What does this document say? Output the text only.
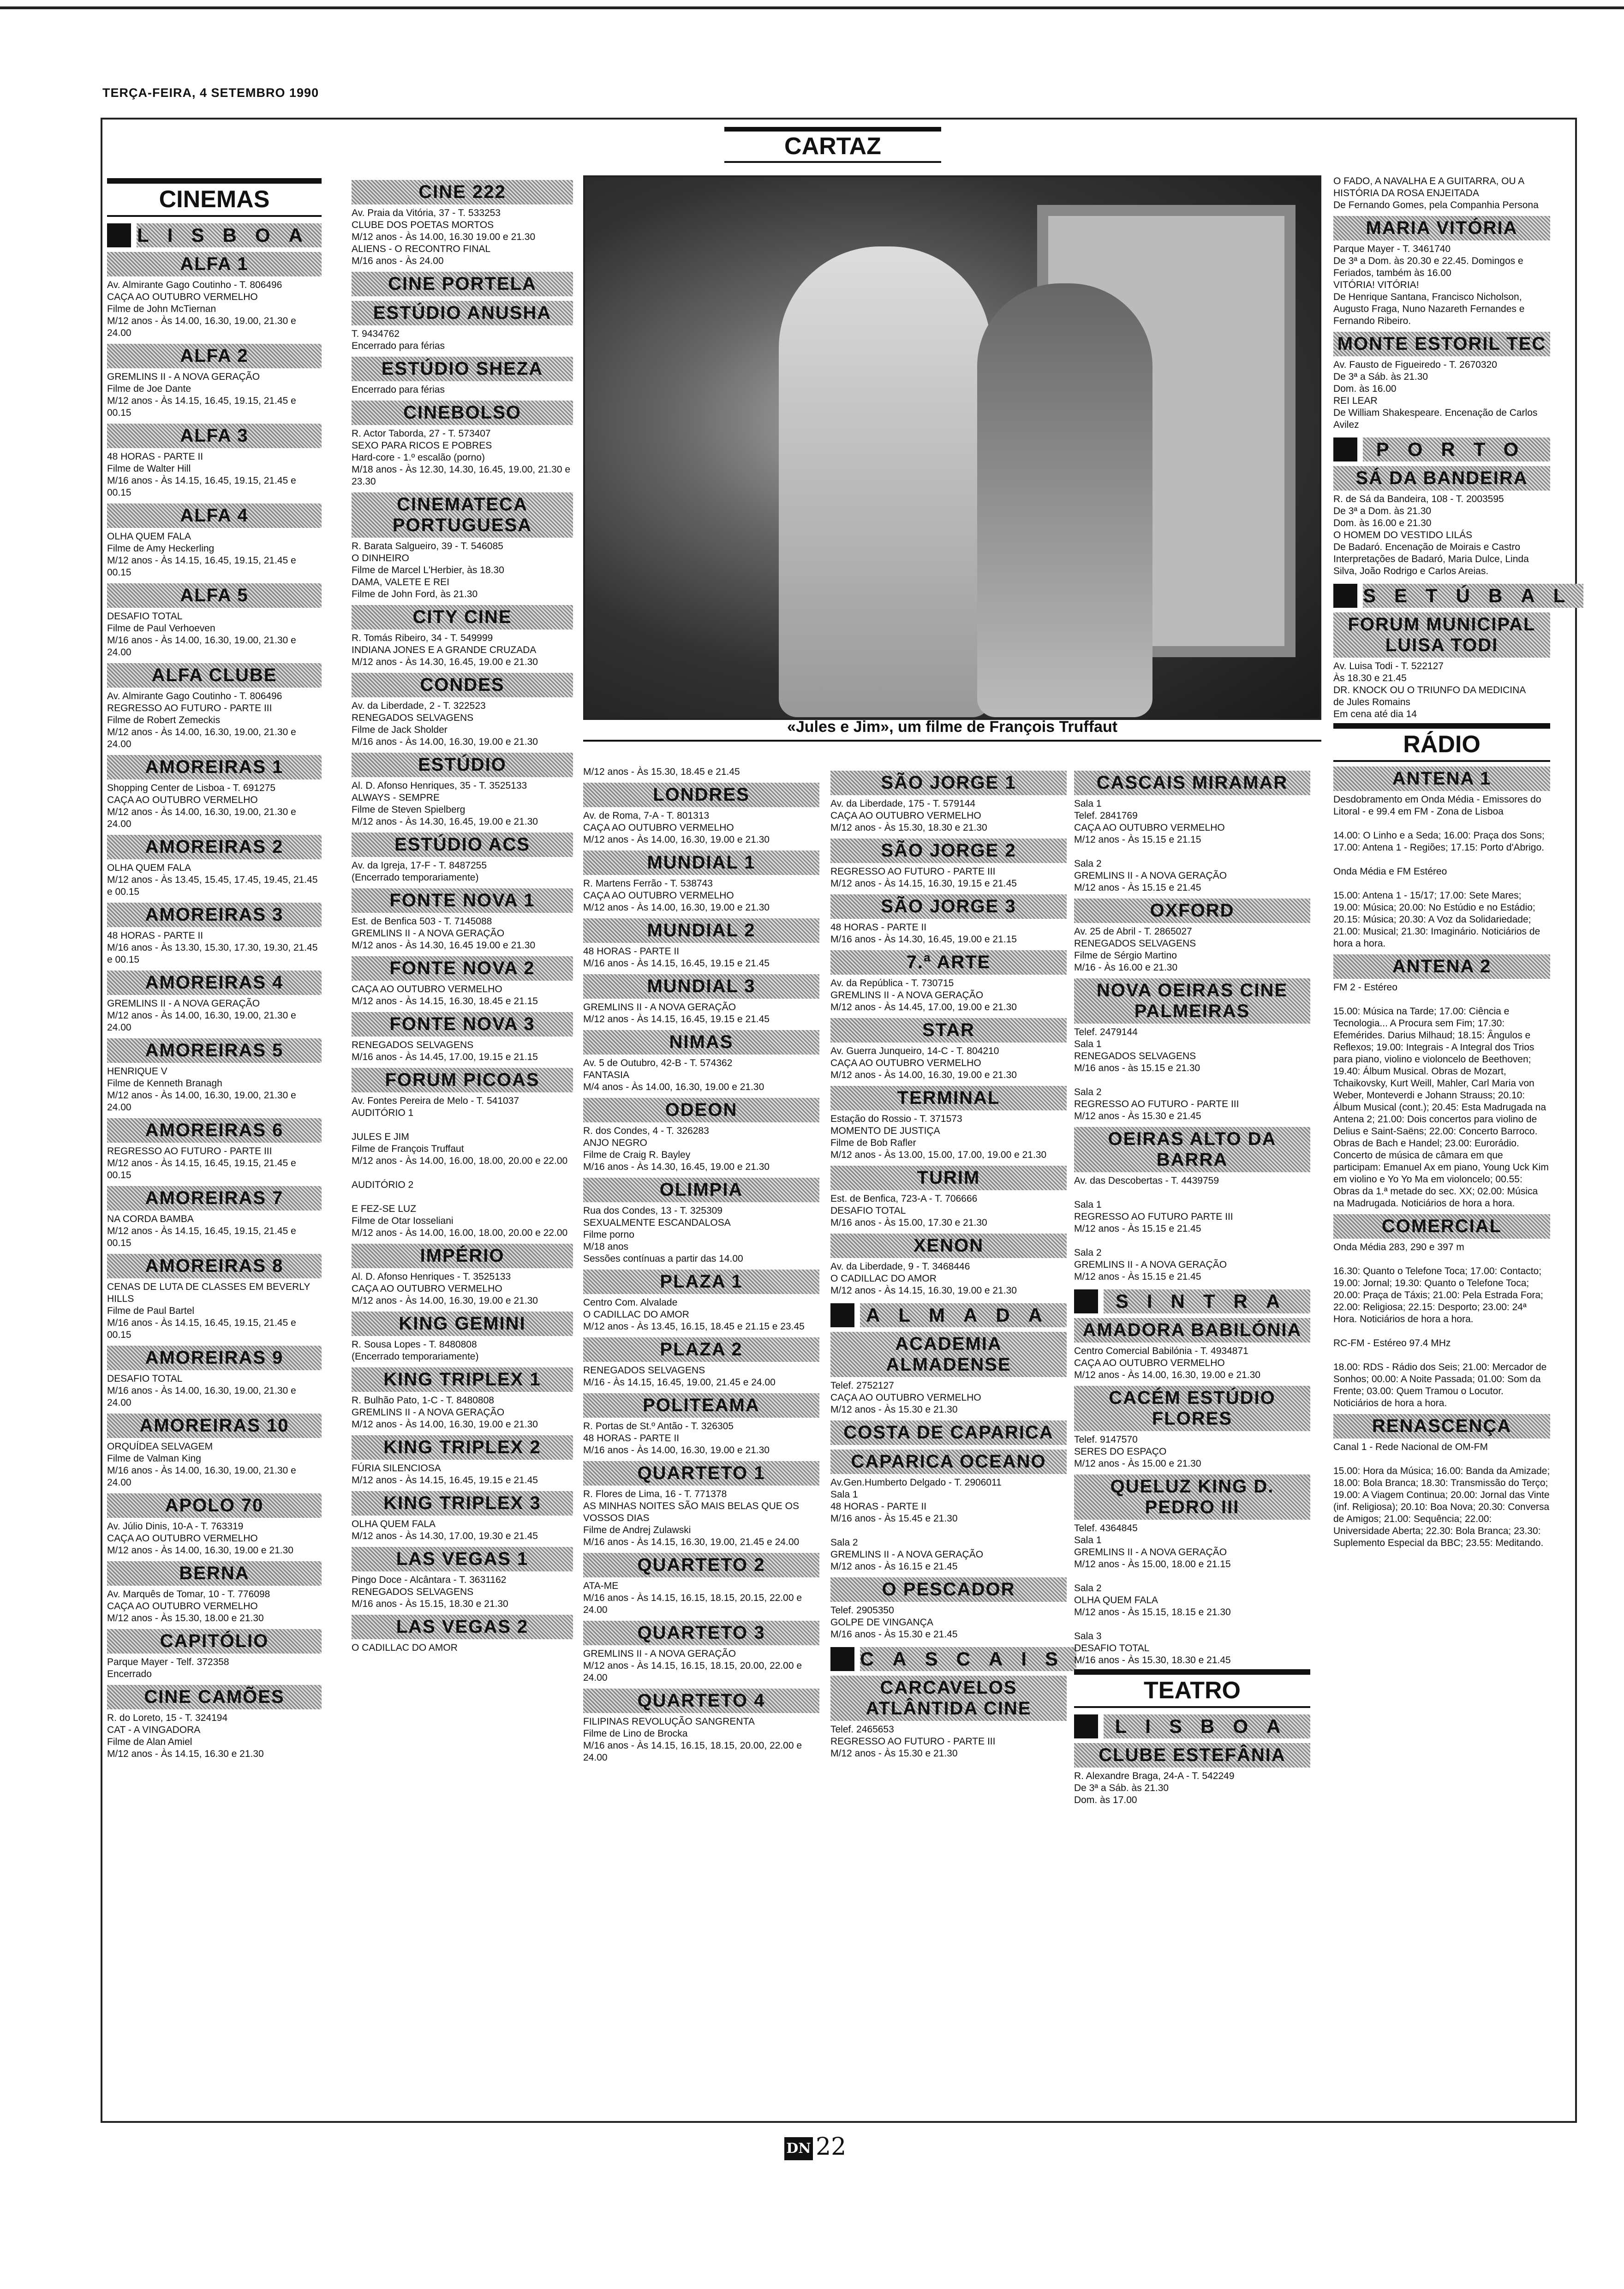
TERÇA-FEIRA, 4 SETEMBRO 1990
CARTAZ
«Jules e Jim», um filme de François Truffaut
CINEMAS
LISBOA
ALFA 1
Av. Almirante Gago Coutinho - T. 806496
CAÇA AO OUTUBRO VERMELHO
Filme de John McTiernan
M/12 anos - Às 14.00, 16.30, 19.00, 21.30 e 24.00
ALFA 2
GREMLINS II - A NOVA GERAÇÃO
Filme de Joe Dante
M/12 anos - Às 14.15, 16.45, 19.15, 21.45 e 00.15
ALFA 3
48 HORAS - PARTE II
Filme de Walter Hill
M/16 anos - Às 14.15, 16.45, 19.15, 21.45 e 00.15
ALFA 4
OLHA QUEM FALA
Filme de Amy Heckerling
M/12 anos - Às 14.15, 16.45, 19.15, 21.45 e 00.15
ALFA 5
DESAFIO TOTAL
Filme de Paul Verhoeven
M/16 anos - Às 14.00, 16.30, 19.00, 21.30 e 24.00
ALFA CLUBE
Av. Almirante Gago Coutinho - T. 806496
REGRESSO AO FUTURO - PARTE III
Filme de Robert Zemeckis
M/12 anos - Às 14.00, 16.30, 19.00, 21.30 e 24.00
AMOREIRAS 1
Shopping Center de Lisboa - T. 691275
CAÇA AO OUTUBRO VERMELHO
M/12 anos - Às 14.00, 16.30, 19.00, 21.30 e 24.00
AMOREIRAS 2
OLHA QUEM FALA
M/12 anos - Às 13.45, 15.45, 17.45, 19.45, 21.45 e 00.15
AMOREIRAS 3
48 HORAS - PARTE II
M/16 anos - Às 13.30, 15.30, 17.30, 19.30, 21.45 e 00.15
AMOREIRAS 4
GREMLINS II - A NOVA GERAÇÃO
M/12 anos - Às 14.00, 16.30, 19.00, 21.30 e 24.00
AMOREIRAS 5
HENRIQUE V
Filme de Kenneth Branagh
M/12 anos - Às 14.00, 16.30, 19.00, 21.30 e 24.00
AMOREIRAS 6
REGRESSO AO FUTURO - PARTE III
M/12 anos - Às 14.15, 16.45, 19.15, 21.45 e 00.15
AMOREIRAS 7
NA CORDA BAMBA
M/12 anos - Às 14.15, 16.45, 19.15, 21.45 e 00.15
AMOREIRAS 8
CENAS DE LUTA DE CLASSES EM BEVERLY HILLS
Filme de Paul Bartel
M/16 anos - Às 14.15, 16.45, 19.15, 21.45 e 00.15
AMOREIRAS 9
DESAFIO TOTAL
M/16 anos - Às 14.00, 16.30, 19.00, 21.30 e 24.00
AMOREIRAS 10
ORQUÍDEA SELVAGEM
Filme de Valman King
M/16 anos - Às 14.00, 16.30, 19.00, 21.30 e 24.00
APOLO 70
Av. Júlio Dinis, 10-A - T. 763319
CAÇA AO OUTUBRO VERMELHO
M/12 anos - Às 14.00, 16.30, 19.00 e 21.30
BERNA
Av. Marquês de Tomar, 10 - T. 776098
CAÇA AO OUTUBRO VERMELHO
M/12 anos - Às 15.30, 18.00 e 21.30
CAPITÓLIO
Parque Mayer - Telf. 372358
Encerrado
CINE CAMÕES
R. do Loreto, 15 - T. 324194
CAT - A VINGADORA
Filme de Alan Amiel
M/12 anos - Às 14.15, 16.30 e 21.30
CINE 222
Av. Praia da Vitória, 37 - T. 533253
CLUBE DOS POETAS MORTOS
M/12 anos - Às 14.00, 16.30 19.00 e 21.30
ALIENS - O RECONTRO FINAL
M/16 anos - Às 24.00
CINE PORTELA
ESTÚDIO ANUSHA
T. 9434762
Encerrado para férias
ESTÚDIO SHEZA
Encerrado para férias
CINEBOLSO
R. Actor Taborda, 27 - T. 573407
SEXO PARA RICOS E POBRES
Hard-core - 1.º escalão (porno)
M/18 anos - Às 12.30, 14.30, 16.45, 19.00, 21.30 e 23.30
CINEMATECA PORTUGUESA
R. Barata Salgueiro, 39 - T. 546085
O DINHEIRO
Filme de Marcel L'Herbier, às 18.30
DAMA, VALETE E REI
Filme de John Ford, às 21.30
CITY CINE
R. Tomás Ribeiro, 34 - T. 549999
INDIANA JONES E A GRANDE CRUZADA
M/12 anos - Às 14.30, 16.45, 19.00 e 21.30
CONDES
Av. da Liberdade, 2 - T. 322523
RENEGADOS SELVAGENS
Filme de Jack Sholder
M/16 anos - Às 14.00, 16.30, 19.00 e 21.30
ESTÚDIO
Al. D. Afonso Henriques, 35 - T. 3525133
ALWAYS - SEMPRE
Filme de Steven Spielberg
M/12 anos - Às 14.30, 16.45, 19.00 e 21.30
ESTÚDIO ACS
Av. da Igreja, 17-F - T. 8487255
(Encerrado temporariamente)
FONTE NOVA 1
Est. de Benfica 503 - T. 7145088
GREMLINS II - A NOVA GERAÇÃO
M/12 anos - Às 14.30, 16.45 19.00 e 21.30
FONTE NOVA 2
CAÇA AO OUTUBRO VERMELHO
M/12 anos - Às 14.15, 16.30, 18.45 e 21.15
FONTE NOVA 3
RENEGADOS SELVAGENS
M/16 anos - Às 14.45, 17.00, 19.15 e 21.15
FORUM PICOAS
Av. Fontes Pereira de Melo - T. 541037
AUDITÓRIO 1

JULES E JIM
Filme de François Truffaut
M/12 anos - Às 14.00, 16.00, 18.00, 20.00 e 22.00

AUDITÓRIO 2

E FEZ-SE LUZ
Filme de Otar Iosseliani
M/12 anos - Às 14.00, 16.00, 18.00, 20.00 e 22.00
IMPÉRIO
Al. D. Afonso Henriques - T. 3525133
CAÇA AO OUTUBRO VERMELHO
M/12 anos - Às 14.00, 16.30, 19.00 e 21.30
KING GEMINI
R. Sousa Lopes - T. 8480808
(Encerrado temporariamente)
KING TRIPLEX 1
R. Bulhão Pato, 1-C - T. 8480808
GREMLINS II - A NOVA GERAÇÃO
M/12 anos - Às 14.00, 16.30, 19.00 e 21.30
KING TRIPLEX 2
FÚRIA SILENCIOSA
M/12 anos - Às 14.15, 16.45, 19.15 e 21.45
KING TRIPLEX 3
OLHA QUEM FALA
M/12 anos - Às 14.30, 17.00, 19.30 e 21.45
LAS VEGAS 1
Pingo Doce - Alcântara - T. 3631162
RENEGADOS SELVAGENS
M/16 anos - Às 15.15, 18.30 e 21.30
LAS VEGAS 2
O CADILLAC DO AMOR
M/12 anos - Às 15.30, 18.45 e 21.45
LONDRES
Av. de Roma, 7-A - T. 801313
CAÇA AO OUTUBRO VERMELHO
M/12 anos - Às 14.00, 16.30, 19.00 e 21.30
MUNDIAL 1
R. Martens Ferrão - T. 538743
CAÇA AO OUTUBRO VERMELHO
M/12 anos - Às 14.00, 16.30, 19.00 e 21.30
MUNDIAL 2
48 HORAS - PARTE II
M/16 anos - Às 14.15, 16.45, 19.15 e 21.45
MUNDIAL 3
GREMLINS II - A NOVA GERAÇÃO
M/12 anos - Às 14.15, 16.45, 19.15 e 21.45
NIMAS
Av. 5 de Outubro, 42-B - T. 574362
FANTASIA
M/4 anos - Às 14.00, 16.30, 19.00 e 21.30
ODEON
R. dos Condes, 4 - T. 326283
ANJO NEGRO
Filme de Craig R. Bayley
M/16 anos - Às 14.30, 16.45, 19.00 e 21.30
OLIMPIA
Rua dos Condes, 13 - T. 325309
SEXUALMENTE ESCANDALOSA
Filme porno
M/18 anos
Sessões contínuas a partir das 14.00
PLAZA 1
Centro Com. Alvalade
O CADILLAC DO AMOR
M/12 anos - Às 13.45, 16.15, 18.45 e 21.15 e 23.45
PLAZA 2
RENEGADOS SELVAGENS
M/16 - Às 14.15, 16.45, 19.00, 21.45 e 24.00
POLITEAMA
R. Portas de St.º Antão - T. 326305
48 HORAS - PARTE II
M/16 anos - Às 14.00, 16.30, 19.00 e 21.30
QUARTETO 1
R. Flores de Lima, 16 - T. 771378
AS MINHAS NOITES SÃO MAIS BELAS QUE OS VOSSOS DIAS
Filme de Andrej Zulawski
M/16 anos - Às 14.15, 16.30, 19.00, 21.45 e 24.00
QUARTETO 2
ATA-ME
M/16 anos - Às 14.15, 16.15, 18.15, 20.15, 22.00 e 24.00
QUARTETO 3
GREMLINS II - A NOVA GERAÇÃO
M/12 anos - Às 14.15, 16.15, 18.15, 20.00, 22.00 e 24.00
QUARTETO 4
FILIPINAS REVOLUÇÃO SANGRENTA
Filme de Lino de Brocka
M/16 anos - Às 14.15, 16.15, 18.15, 20.00, 22.00 e 24.00
SÃO JORGE 1
Av. da Liberdade, 175 - T. 579144
CAÇA AO OUTUBRO VERMELHO
M/12 anos - Às 15.30, 18.30 e 21.30
SÃO JORGE 2
REGRESSO AO FUTURO - PARTE III
M/12 anos - Às 14.15, 16.30, 19.15 e 21.45
SÃO JORGE 3
48 HORAS - PARTE II
M/16 anos - Às 14.30, 16.45, 19.00 e 21.15
7.ª ARTE
Av. da República - T. 730715
GREMLINS II - A NOVA GERAÇÃO
M/12 anos - Às 14.45, 17.00, 19.00 e 21.30
STAR
Av. Guerra Junqueiro, 14-C - T. 804210
CAÇA AO OUTUBRO VERMELHO
M/12 anos - Às 14.00, 16.30, 19.00 e 21.30
TERMINAL
Estação do Rossio - T. 371573
MOMENTO DE JUSTIÇA
Filme de Bob Rafler
M/12 anos - Às 13.00, 15.00, 17.00, 19.00 e 21.30
TURIM
Est. de Benfica, 723-A - T. 706666
DESAFIO TOTAL
M/16 anos - Às 15.00, 17.30 e 21.30
XENON
Av. da Liberdade, 9 - T. 3468446
O CADILLAC DO AMOR
M/12 anos - Às 14.15, 16.30, 19.00 e 21.30
ALMADA
ACADEMIA ALMADENSE
Telef. 2752127
CAÇA AO OUTUBRO VERMELHO
M/12 anos - Às 15.30 e 21.30
COSTA DE CAPARICA
CAPARICA OCEANO
Av.Gen.Humberto Delgado - T. 2906011
Sala 1
48 HORAS - PARTE II
M/16 anos - Às 15.45 e 21.30

Sala 2
GREMLINS II - A NOVA GERAÇÃO
M/12 anos - Às 16.15 e 21.45
O PESCADOR
Telef. 2905350
GOLPE DE VINGANÇA
M/16 anos - Às 15.30 e 21.45
CASCAIS
CARCAVELOS ATLÂNTIDA CINE
Telef. 2465653
REGRESSO AO FUTURO - PARTE III
M/12 anos - Às 15.30 e 21.30
CASCAIS MIRAMAR
Sala 1
Telef. 2841769
CAÇA AO OUTUBRO VERMELHO
M/12 anos - Às 15.15 e 21.15

Sala 2
GREMLINS II - A NOVA GERAÇÃO
M/12 anos - Às 15.15 e 21.45
OXFORD
Av. 25 de Abril - T. 2865027
RENEGADOS SELVAGENS
Filme de Sérgio Martino
M/16 - Às 16.00 e 21.30
NOVA OEIRAS CINE PALMEIRAS
Telef. 2479144
Sala 1
RENEGADOS SELVAGENS
M/16 anos - às 15.15 e 21.30

Sala 2
REGRESSO AO FUTURO - PARTE III
M/12 anos - Às 15.30 e 21.45
OEIRAS ALTO DA BARRA
Av. das Descobertas - T. 4439759

Sala 1
REGRESSO AO FUTURO PARTE III
M/12 anos - Às 15.15 e 21.45

Sala 2
GREMLINS II - A NOVA GERAÇÃO
M/12 anos - Às 15.15 e 21.45
SINTRA
AMADORA BABILÓNIA
Centro Comercial Babilónia - T. 4934871
CAÇA AO OUTUBRO VERMELHO
M/12 anos - Às 14.00, 16.30, 19.00 e 21.30
CACÉM ESTÚDIO FLORES
Telef. 9147570
SERES DO ESPAÇO
M/12 anos - Às 15.00 e 21.30
QUELUZ KING D. PEDRO III
Telef. 4364845
Sala 1
GREMLINS II - A NOVA GERAÇÃO
M/12 anos - Às 15.00, 18.00 e 21.15

Sala 2
OLHA QUEM FALA
M/12 anos - Às 15.15, 18.15 e 21.30

Sala 3
DESAFIO TOTAL
M/16 anos - Às 15.30, 18.30 e 21.45
TEATRO
LISBOA
CLUBE ESTEFÂNIA
R. Alexandre Braga, 24-A - T. 542249
De 3ª a Sáb. às 21.30
Dom. às 17.00
O FADO, A NAVALHA E A GUITARRA, OU A HISTÓRIA DA ROSA ENJEITADA
De Fernando Gomes, pela Companhia Persona
MARIA VITÓRIA
Parque Mayer - T. 3461740
De 3ª a Dom. às 20.30 e 22.45. Domingos e Feriados, também às 16.00
VITÓRIA! VITÓRIA!
De Henrique Santana, Francisco Nicholson, Augusto Fraga, Nuno Nazareth Fernandes e Fernando Ribeiro.
MONTE ESTORIL TEC
Av. Fausto de Figueiredo - T. 2670320
De 3ª a Sáb. às 21.30
Dom. às 16.00
REI LEAR
De William Shakespeare. Encenação de Carlos Avilez
PORTO
SÁ DA BANDEIRA
R. de Sá da Bandeira, 108 - T. 2003595
De 3ª a Dom. às 21.30
Dom. às 16.00 e 21.30
O HOMEM DO VESTIDO LILÁS
De Badaró. Encenação de Moirais e Castro
Interpretações de Badaró, Maria Dulce, Linda Silva, João Rodrigo e Carlos Areias.
SETÚBAL
FORUM MUNICIPAL LUISA TODI
Av. Luisa Todi - T. 522127
Às 18.30 e 21.45
DR. KNOCK OU O TRIUNFO DA MEDICINA
de Jules Romains
Em cena até dia 14
RÁDIO
ANTENA 1
Desdobramento em Onda Média - Emissores do Litoral - e 99.4 em FM - Zona de Lisboa

14.00: O Linho e a Seda; 16.00: Praça dos Sons; 17.00: Antena 1 - Regiões; 17.15: Porto d'Abrigo.

Onda Média e FM Estéreo

15.00: Antena 1 - 15/17; 17.00: Sete Mares; 19.00: Música; 20.00: No Estúdio e no Estádio; 20.15: Música; 20.30: A Voz da Solidariedade; 21.00: Musical; 21.30: Imaginário. Noticiários de hora a hora.
ANTENA 2
FM 2 - Estéreo

15.00: Música na Tarde; 17.00: Ciência e Tecnologia... A Procura sem Fim; 17.30: Efemérides. Darius Milhaud; 18.15: Ângulos e Reflexos; 19.00: Integrais - A Integral dos Trios para piano, violino e violoncelo de Beethoven; 19.40: Álbum Musical. Obras de Mozart, Tchaikovsky, Kurt Weill, Mahler, Carl Maria von Weber, Monteverdi e Johann Strauss; 20.10: Álbum Musical (cont.); 20.45: Esta Madrugada na Antena 2; 21.00: Dois concertos para violino de Delius e Saint-Saëns; 22.00: Concerto Barroco. Obras de Bach e Handel; 23.00: Eurorádio. Concerto de música de câmara em que participam: Emanuel Ax em piano, Young Uck Kim em violino e Yo Yo Ma em violoncelo; 00.55: Obras da 1.ª metade do sec. XX; 02.00: Música na Madrugada. Noticiários de hora a hora.
COMERCIAL
Onda Média 283, 290 e 397 m

16.30: Quanto o Telefone Toca; 17.00: Contacto; 19.00: Jornal; 19.30: Quanto o Telefone Toca; 20.00: Praça de Táxis; 21.00: Pela Estrada Fora; 22.00: Religiosa; 22.15: Desporto; 23.00: 24ª Hora. Noticiários de hora a hora.

RC-FM - Estéreo 97.4 MHz

18.00: RDS - Rádio dos Seis; 21.00: Mercador de Sonhos; 00.00: A Noite Passada; 01.00: Som da Frente; 03.00: Quem Tramou o Locutor. Noticiários de hora a hora.
RENASCENÇA
Canal 1 - Rede Nacional de OM-FM

15.00: Hora da Música; 16.00: Banda da Amizade; 18.00: Bola Branca; 18.30: Transmissão do Terço; 19.00: A Viagem Continua; 20.00: Jornal das Vinte (inf. Religiosa); 20.10: Boa Nova; 20.30: Conversa de Amigos; 21.00: Sequência; 22.00: Universidade Aberta; 22.30: Bola Branca; 23.30: Suplemento Especial da BBC; 23.55: Meditando.
DN 22
